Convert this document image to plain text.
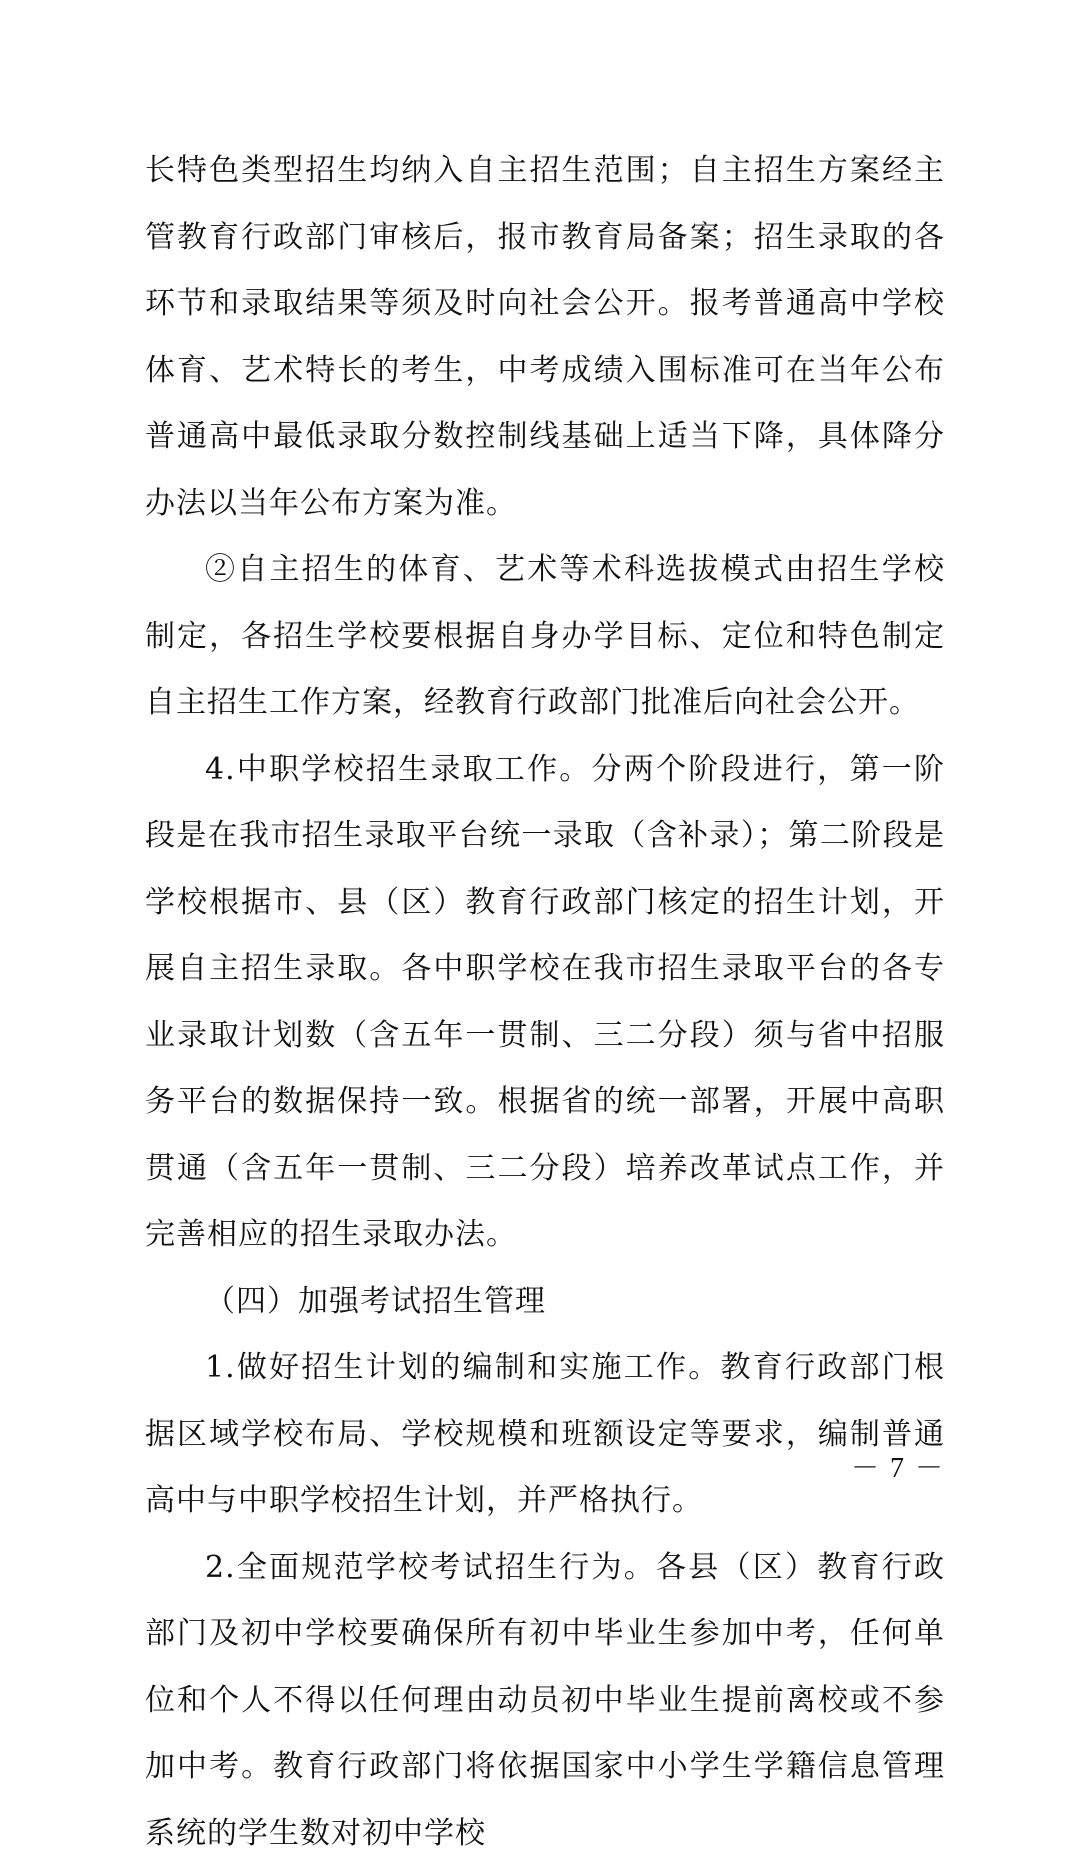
长特色类型招生均纳入自主招生范围；自主招生方案经主管教育行政部门审核后，报市教育局备案；招生录取的各环节和录取结果等须及时向社会公开。报考普通高中学校体育、艺术特长的考生，中考成绩入围标准可在当年公布普通高中最低录取分数控制线基础上适当下降，具体降分办法以当年公布方案为准。

②自主招生的体育、艺术等术科选拔模式由招生学校制定，各招生学校要根据自身办学目标、定位和特色制定自主招生工作方案，经教育行政部门批准后向社会公开。

4.中职学校招生录取工作。分两个阶段进行，第一阶段是在我市招生录取平台统一录取（含补录）；第二阶段是学校根据市、县（区）教育行政部门核定的招生计划，开展自主招生录取。各中职学校在我市招生录取平台的各专业录取计划数（含五年一贯制、三二分段）须与省中招服务平台的数据保持一致。根据省的统一部署，开展中高职贯通（含五年一贯制、三二分段）培养改革试点工作，并完善相应的招生录取办法。

（四）加强考试招生管理

1.做好招生计划的编制和实施工作。教育行政部门根据区域学校布局、学校规模和班额设定等要求，编制普通高中与中职学校招生计划，并严格执行。

2.全面规范学校考试招生行为。各县（区）教育行政部门及初中学校要确保所有初中毕业生参加中考，任何单位和个人不得以任何理由动员初中毕业生提前离校或不参加中考。教育行政部门将依据国家中小学生学籍信息管理系统的学生数对初中学校

－ 7 －
